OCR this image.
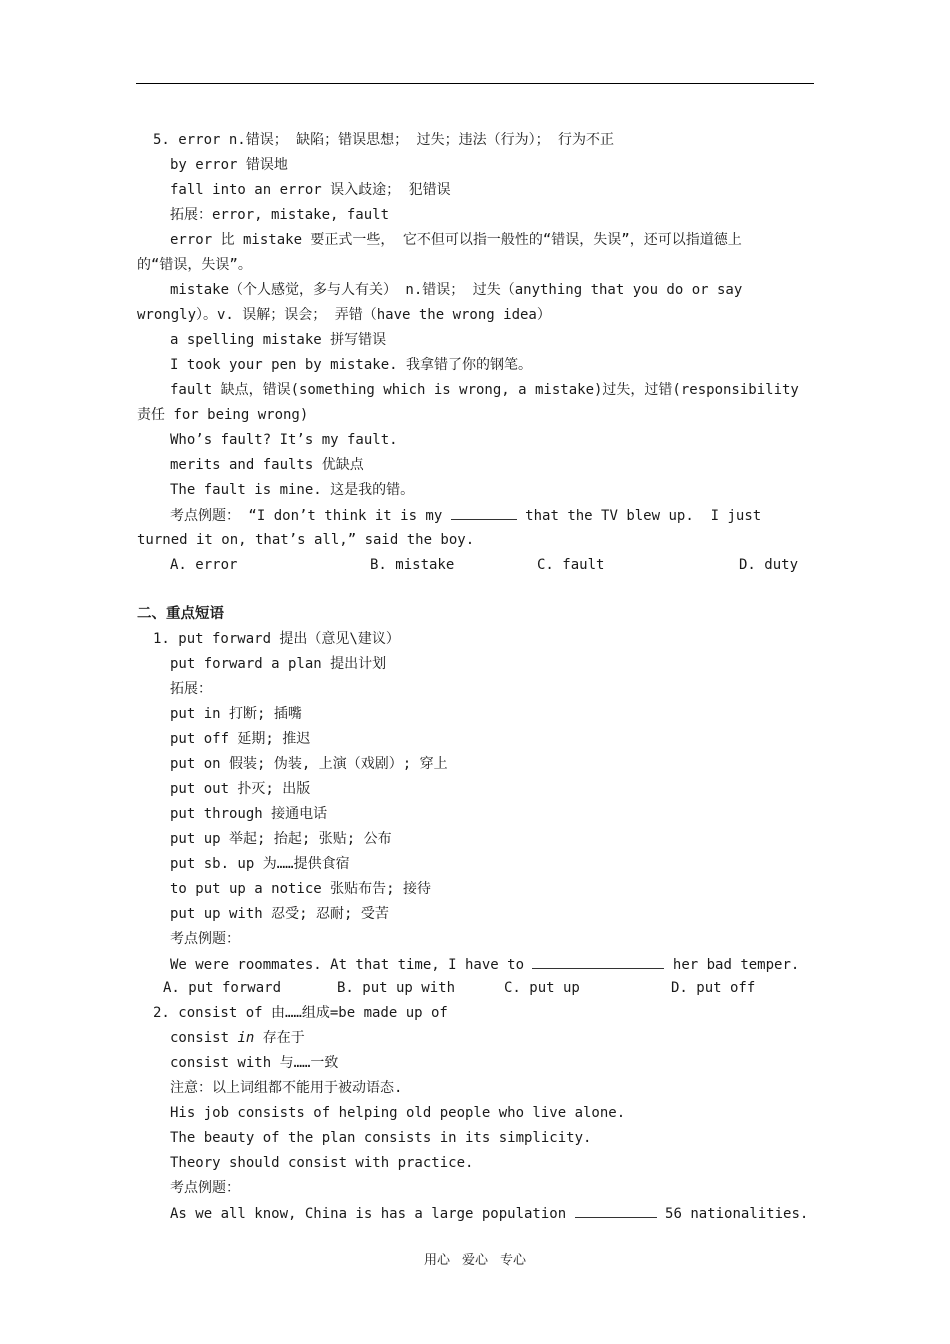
5. error n.错误； 缺陷；错误思想； 过失；违法（行为）； 行为不正
by error 错误地
fall into an error 误入歧途； 犯错误
拓展：error, mistake, fault
error 比 mistake 要正式一些， 它不但可以指一般性的“错误，失误”，还可以指道德上
的“错误，失误”。
mistake（个人感觉，多与人有关） n.错误； 过失（anything that you do or say
wrongly）。v. 误解；误会； 弄错（have the wrong idea）
a spelling mistake 拼写错误
I took your pen by mistake. 我拿错了你的钢笔。
fault 缺点，错误(something which is wrong, a mistake)过失，过错(responsibility
责任 for being wrong)
Who’s fault? It’s my fault.
merits and faults 优缺点
The fault is mine. 这是我的错。
考点例题： “I don’t think it is my	that the TV blew up.  I just
turned it on, that’s all,” said the boy.
A. error	B. mistake	C. fault	D. duty
二、重点短语
1. put forward 提出（意见\建议）
put forward a plan 提出计划
拓展：
put in 打断; 插嘴
put off 延期; 推迟
put on 假装; 伪装, 上演（戏剧）; 穿上
put out 扑灭; 出版
put through 接通电话
put up 举起; 抬起; 张贴; 公布
put sb. up 为……提供食宿
to put up a notice 张贴布告; 接待
put up with 忍受; 忍耐; 受苦
考点例题：
We were roommates. At that time, I have to	her bad temper.
A. put forward	B. put up with	C. put up	D. put off
2. consist of 由……组成=be made up of
consist in 存在于
consist with 与……一致
注意：以上词组都不能用于被动语态.
His job consists of helping old people who live alone.
The beauty of the plan consists in its simplicity.
Theory should consist with practice.
考点例题：
As we all know, China is has a large population	56 nationalities.
用心 爱心 专心
